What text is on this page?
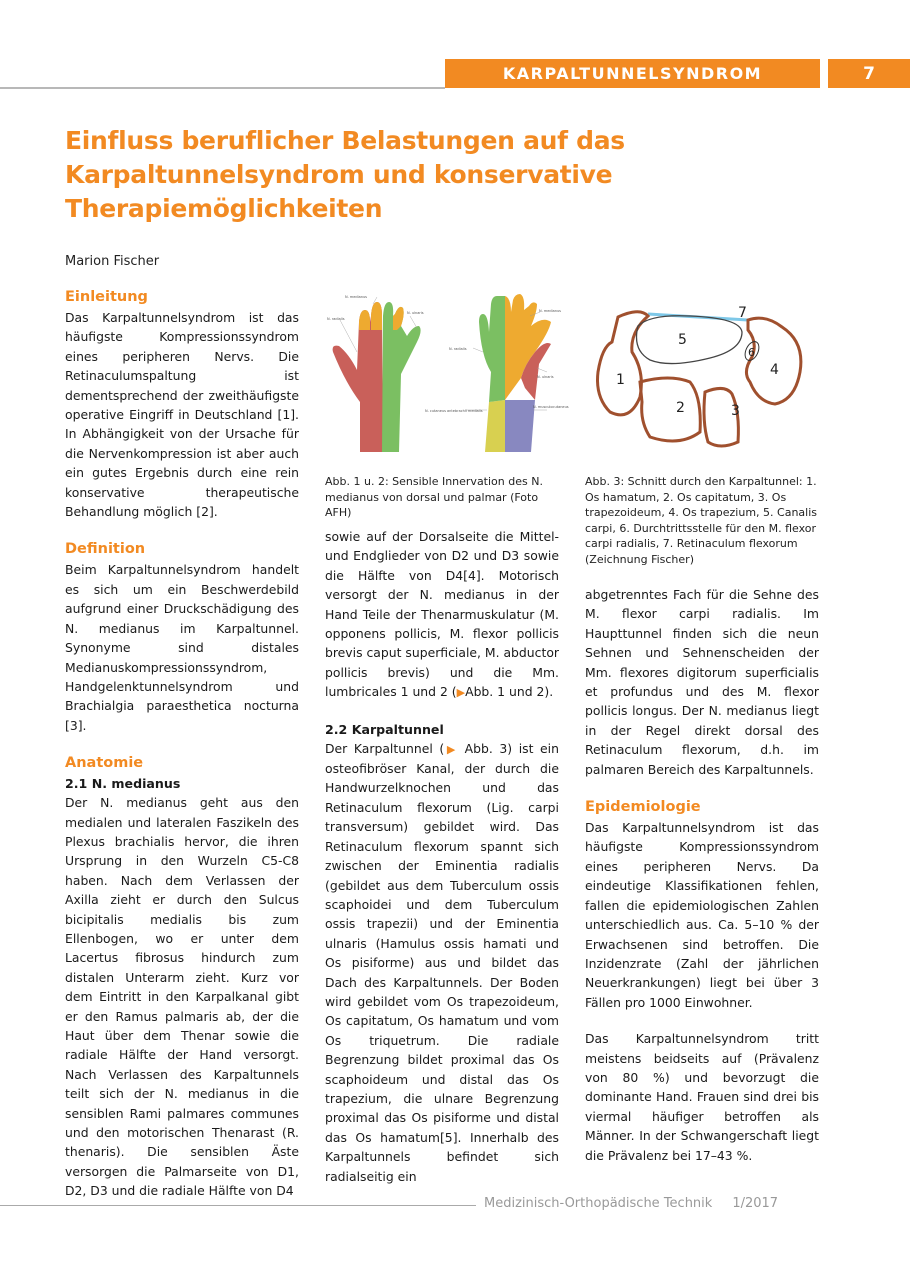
KARPALTUNNELSYNDROM	7
Einfluss beruflicher Belastungen auf das Karpaltunnelsyndrom und konservative Therapiemöglichkeiten
Marion Fischer
Einleitung

Das Karpaltunnelsyndrom ist das häufigste Kompressionssyndrom eines peripheren Nervs. Die Retinaculumspaltung ist dementsprechend der zweithäufigste operative Eingriff in Deutschland [1]. In Abhängigkeit von der Ursache für die Nervenkompression ist aber auch ein gutes Ergebnis durch eine rein konservative therapeutische Behandlung möglich [2].

Definition

Beim Karpaltunnelsyndrom handelt es sich um ein Beschwerdebild aufgrund einer Druckschädigung des N. medianus im Karpaltunnel. Synonyme sind distales Medianuskompressionssyndrom, Handgelenktunnelsyndrom und Brachialgia paraesthetica nocturna [3].

Anatomie
2.1 N. medianus

Der N. medianus geht aus den medialen und lateralen Faszikeln des Plexus brachialis hervor, die ihren Ursprung in den Wurzeln C5-C8 haben. Nach dem Verlassen der Axilla zieht er durch den Sulcus bicipitalis medialis bis zum Ellenbogen, wo er unter dem Lacertus fibrosus hindurch zum distalen Unterarm zieht. Kurz vor dem Eintritt in den Karpalkanal gibt er den Ramus palmaris ab, der die Haut über dem Thenar sowie die radiale Hälfte der Hand versorgt. Nach Verlassen des Karpaltunnels teilt sich der N. medianus in die sensiblen Rami palmares communes und den motorischen Thenarast (R. thenaris). Die sensiblen Äste versorgen die Palmarseite von D1, D2, D3 und die radiale Hälfte von D4

N. medianus
N. radialis
N. ulnaris	N. medianus
N. radialis
N. ulnaris
N. cutaneus antebrachii medialis
N. musculocutaneus
Abb. 1 u. 2: Sensible Innervation des N. medianus von dorsal und palmar (Foto AFH)

sowie auf der Dorsalseite die Mittel- und Endglieder von D2 und D3 sowie die Hälfte von D4[4]. Motorisch versorgt der N. medianus in der Hand Teile der Thenarmuskulatur (M. opponens pollicis, M. flexor pollicis brevis caput superficiale, M. abductor pollicis brevis) und die Mm. lumbricales 1 und 2 (▶Abb. 1 und 2).

2.2 Karpaltunnel

Der Karpaltunnel (▶ Abb. 3) ist ein osteofibröser Kanal, der durch die Handwurzelknochen und das Retinaculum flexorum (Lig. carpi transversum) gebildet wird. Das Retinaculum flexorum spannt sich zwischen der Eminentia radialis (gebildet aus dem Tuberculum ossis scaphoidei und dem Tuberculum ossis trapezii) und der Eminentia ulnaris (Hamulus ossis hamati und Os pisiforme) aus und bildet das Dach des Karpaltunnels. Der Boden wird gebildet vom Os trapezoideum, Os capitatum, Os hamatum und vom Os triquetrum. Die radiale Begrenzung bildet proximal das Os scaphoideum und distal das Os trapezium, die ulnare Begrenzung proximal das Os pisiforme und distal das Os hamatum[5]. Innerhalb des Karpaltunnels befindet sich radialseitig ein

1
2	3
4
5
6
7
Abb. 3: Schnitt durch den Karpaltunnel: 1. Os hamatum, 2. Os capitatum, 3. Os trapezoideum, 4. Os trapezium, 5. Canalis carpi, 6. Durchtrittsstelle für den M. flexor carpi radialis, 7. Retinaculum flexorum (Zeichnung Fischer)

abgetrenntes Fach für die Sehne des M. flexor carpi radialis. Im Haupttunnel finden sich die neun Sehnen und Sehnenscheiden der Mm. flexores digitorum superficialis et profundus und des M. flexor pollicis longus. Der N. medianus liegt in der Regel direkt dorsal des Retinaculum flexorum, d.h. im palmaren Bereich des Karpaltunnels.

Epidemiologie

Das Karpaltunnelsyndrom ist das häufigste Kompressionssyndrom eines peripheren Nervs. Da eindeutige Klassifikationen fehlen, fallen die epidemiologischen Zahlen unterschiedlich aus. Ca. 5–10 % der Erwachsenen sind betroffen. Die Inzidenzrate (Zahl der jährlichen Neuerkrankungen) liegt bei über 3 Fällen pro 1000 Einwohner.

Das Karpaltunnelsyndrom tritt meistens beidseits auf (Prävalenz von 80 %) und bevorzugt die dominante Hand. Frauen sind drei bis viermal häufiger betroffen als Männer. In der Schwangerschaft liegt die Prävalenz bei 17–43 %.

Medizinisch-Orthopädische Technik 1/2017
